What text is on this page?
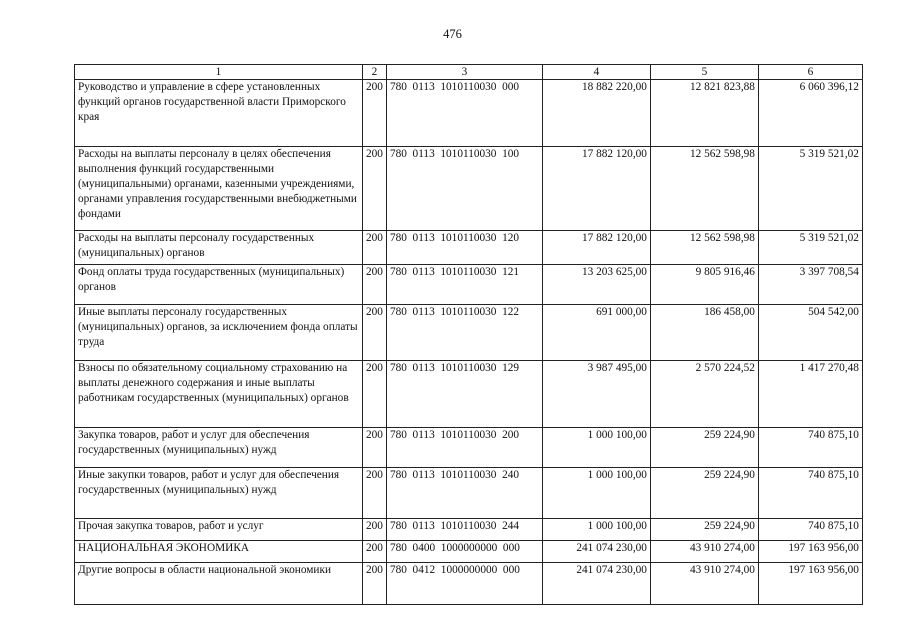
476
1	2	3	4	5	6
Руководство и управление в сфере установленных функций органов государственной власти Приморского края	200	780  0113  1010110030  000	18 882 220,00	12 821 823,88	6 060 396,12
Расходы на выплаты персоналу в целях обеспечения выполнения функций государственными (муниципальными) органами, казенными учреждениями, органами управления государственными внебюджетными фондами	200	780  0113  1010110030  100	17 882 120,00	12 562 598,98	5 319 521,02
Расходы на выплаты персоналу государственных (муниципальных) органов	200	780  0113  1010110030  120	17 882 120,00	12 562 598,98	5 319 521,02
Фонд оплаты труда государственных (муниципальных) органов	200	780  0113  1010110030  121	13 203 625,00	9 805 916,46	3 397 708,54
Иные выплаты персоналу государственных (муниципальных) органов, за исключением фонда оплаты труда	200	780  0113  1010110030  122	691 000,00	186 458,00	504 542,00
Взносы по обязательному социальному страхованию на выплаты денежного содержания и иные выплаты работникам государственных (муниципальных) органов	200	780  0113  1010110030  129	3 987 495,00	2 570 224,52	1 417 270,48
Закупка товаров, работ и услуг для обеспечения государственных (муниципальных) нужд	200	780  0113  1010110030  200	1 000 100,00	259 224,90	740 875,10
Иные закупки товаров, работ и услуг для обеспечения государственных (муниципальных) нужд	200	780  0113  1010110030  240	1 000 100,00	259 224,90	740 875,10
Прочая закупка товаров, работ и услуг	200	780  0113  1010110030  244	1 000 100,00	259 224,90	740 875,10
НАЦИОНАЛЬНАЯ ЭКОНОМИКА	200	780  0400  1000000000  000	241 074 230,00	43 910 274,00	197 163 956,00
Другие вопросы в области национальной экономики	200	780  0412  1000000000  000	241 074 230,00	43 910 274,00	197 163 956,00
